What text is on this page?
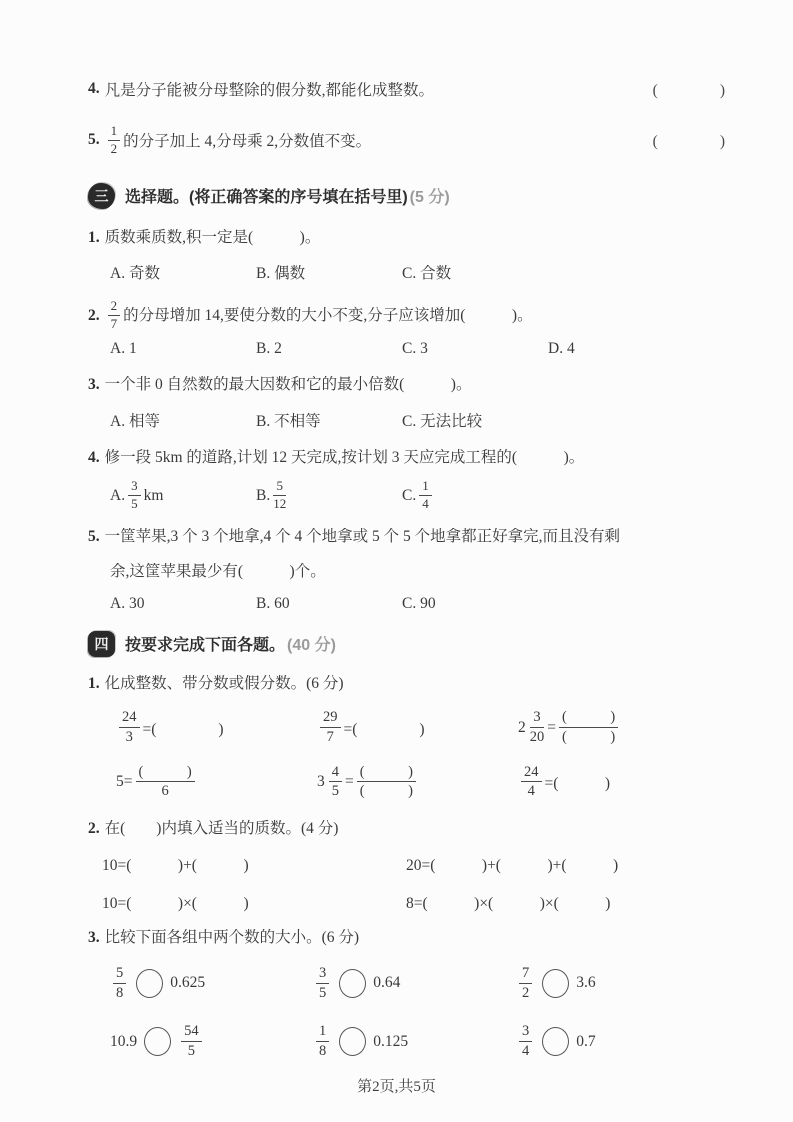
4. 凡是分子能被分母整除的假分数,都能化成整数。	(　　　　)
5. $\frac{1}{2}$ 的分子加上 4,分母乘 2,分数值不变。	(　　　　)
三	选择题。(将正确答案的序号填在括号里) (5 分)
1. 质数乘质数,积一定是(　　　)。
A. 奇数	B. 偶数	C. 合数
2. $\frac{2}{7}$ 的分母增加 14,要使分数的大小不变,分子应该增加(　　　)。
A. 1	B. 2	C. 3	D. 4
3. 一个非 0 自然数的最大因数和它的最小倍数(　　　)。
A. 相等	B. 不相等	C. 无法比较
4. 修一段 5km 的道路,计划 12 天完成,按计划 3 天应完成工程的(　　　)。
A. $\frac{3}{5}$ km	B. $\frac{5}{12}$	C. $\frac{1}{4}$
5. 一筐苹果,3 个 3 个地拿,4 个 4 个地拿或 5 个 5 个地拿都正好拿完,而且没有剩
余,这筐苹果最少有(　　　)个。
A. 30	B. 60	C. 90
四	按要求完成下面各题。 (40 分)
1. 化成整数、带分数或假分数。(6 分)
$\frac{24}{3}$ =(　　　　)	$\frac{29}{7}$ =(　　　　)	$2 \frac{3}{20} = \frac{( )}{( )}$
$5= \frac{( )}{6}$	$3 \frac{4}{5} = \frac{( )}{( )}$	$\frac{24}{4}$ =(　　　)
2. 在(　　)内填入适当的质数。(4 分)
10=(　　　)+(　　　)	20=(　　　)+(　　　)+(　　　)
10=(　　　)×(　　　)	8=(　　　)×(　　　)×(　　　)
3. 比较下面各组中两个数的大小。(6 分)
$\frac{5}{8}$	0.625	$\frac{3}{5}$	0.64	$\frac{7}{2}$	3.6
10.9	$\frac{54}{5}$	$\frac{1}{8}$	0.125	$\frac{3}{4}$	0.7
第2页,共5页
